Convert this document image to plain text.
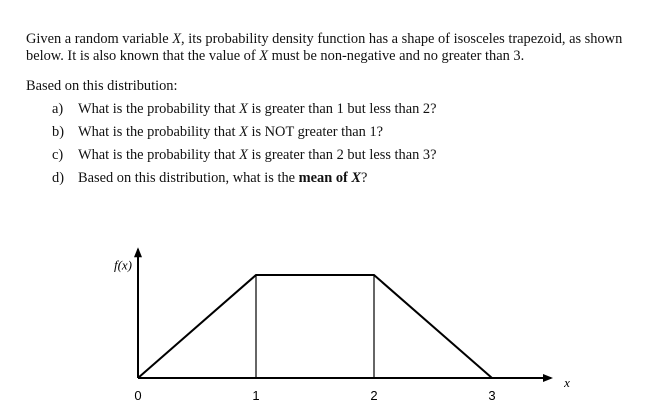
Given a random variable X, its probability density function has a shape of isosceles trapezoid, as shown below. It is also known that the value of X must be non-negative and no greater than 3.
Based on this distribution:
a) What is the probability that X is greater than 1 but less than 2?
b) What is the probability that X is NOT greater than 1?
c) What is the probability that X is greater than 2 but less than 3?
d) Based on this distribution, what is the mean of X?
0	1	2	3
f(x)
x
